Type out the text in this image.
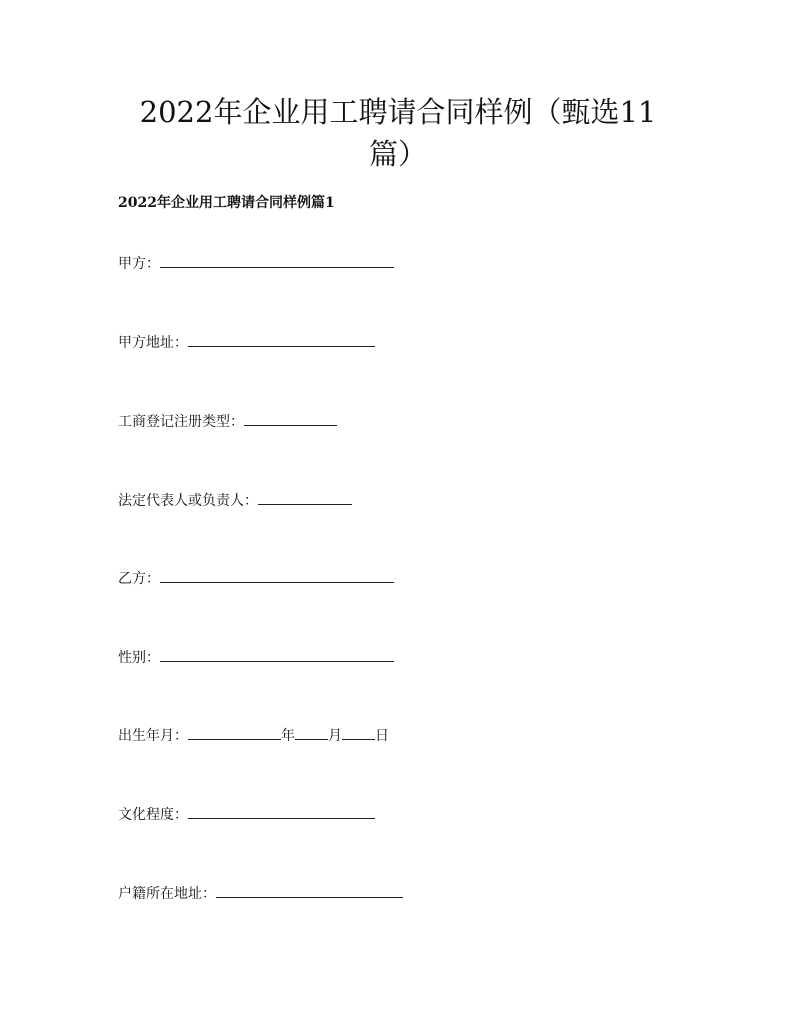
2022年企业用工聘请合同样例（甄选11
篇）
2022年企业用工聘请合同样例篇1
甲方：
甲方地址：
工商登记注册类型：
法定代表人或负责人：
乙方：
性别：
出生年月：	年 月 日
文化程度：
户籍所在地址：
